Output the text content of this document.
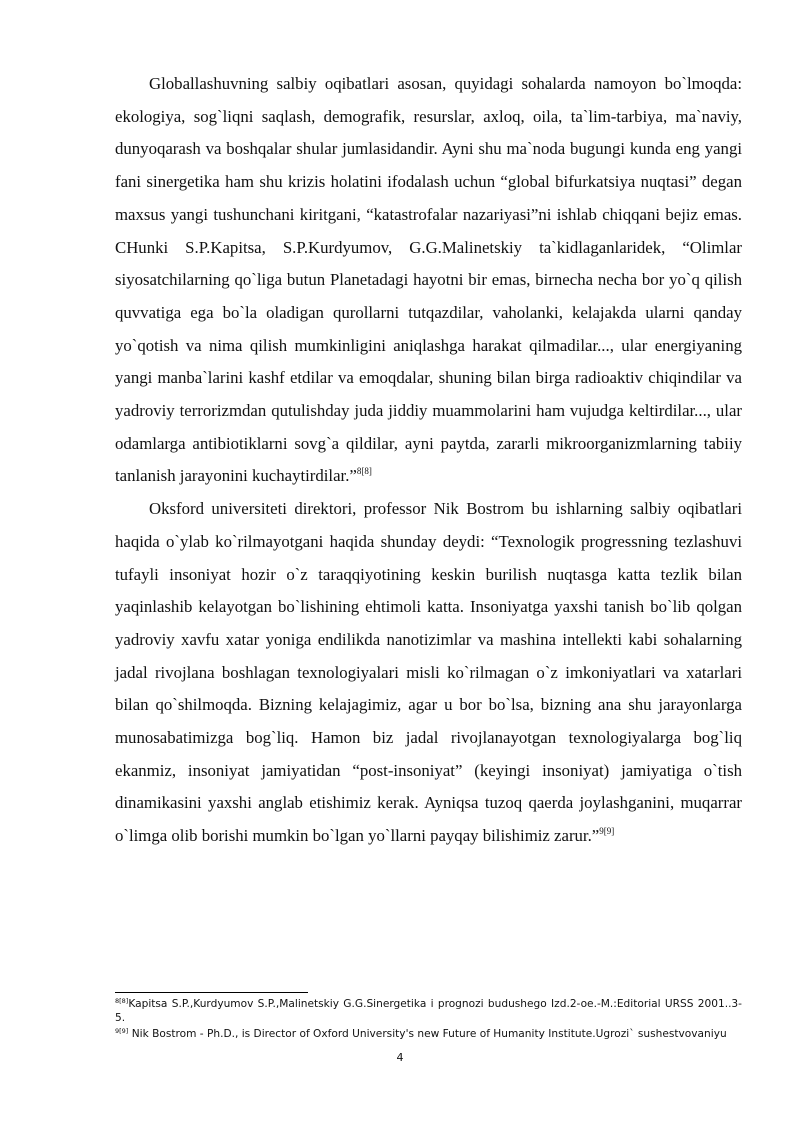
Globallashuvning salbiy oqibatlari asosan, quyidagi sohalarda namoyon bo`lmoqda: ekologiya, sog`liqni saqlash, demografik, resurslar, axloq, oila, ta`lim-tarbiya, ma`naviy, dunyoqarash va boshqalar shular jumlasidandir. Ayni shu ma`noda bugungi kunda eng yangi fani sinergetika ham shu krizis holatini ifodalash uchun “global bifurkatsiya nuqtasi” degan maxsus yangi tushunchani kiritgani, “katastrofalar nazariyasi”ni ishlab chiqqani bejiz emas. CHunki S.P.Kapitsa, S.P.Kurdyumov, G.G.Malinetskiy ta`kidlaganlaridek, “Olimlar siyosatchilarning qo`liga butun Planetadagi hayotni bir emas, birnecha necha bor yo`q qilish quvvatiga ega bo`la oladigan qurollarni tutqazdilar, vaholanki, kelajakda ularni qanday yo`qotish va nima qilish mumkinligini aniqlashga harakat qilmadilar..., ular energiyaning yangi manba`larini kashf etdilar va emoqdalar, shuning bilan birga radioaktiv chiqindilar va yadroviy terrorizmdan qutulishday juda jiddiy muammolarini ham vujudga keltirdilar..., ular odamlarga antibiotiklarni sovg`a qildilar, ayni paytda, zararli mikroorganizmlarning tabiiy tanlanish jarayonini kuchaytirdilar.”$^{8[8]}$

Oksford universiteti direktori, professor Nik Bostrom bu ishlarning salbiy oqibatlari haqida o`ylab ko`rilmayotgani haqida shunday deydi: “Texnologik progressning tezlashuvi tufayli insoniyat hozir o`z taraqqiyotining keskin burilish nuqtasga katta tezlik bilan yaqinlashib kelayotgan bo`lishining ehtimoli katta. Insoniyatga yaxshi tanish bo`lib qolgan yadroviy xavfu xatar yoniga endilikda nanotizimlar va mashina intellekti kabi sohalarning jadal rivojlana boshlagan texnologiyalari misli ko`rilmagan o`z imkoniyatlari va xatarlari bilan qo`shilmoqda. Bizning kelajagimiz, agar u bor bo`lsa, bizning ana shu jarayonlarga munosabatimizga bog`liq. Hamon biz jadal rivojlanayotgan texnologiyalarga bog`liq ekanmiz, insoniyat jamiyatidan “post-insoniyat” (keyingi insoniyat) jamiyatiga o`tish dinamikasini yaxshi anglab etishimiz kerak. Ayniqsa tuzoq qaerda joylashganini, muqarrar o`limga olib borishi mumkin bo`lgan yo`llarni payqay bilishimiz zarur.”$^{9[9]}$

$^{8[8]}$Kapitsa S.P.,Kurdyumov S.P.,Malinetskiy G.G.Sinergetika i prognozi budushego Izd.2-oe.-M.:Editorial URSS 2001..3-5.

$^{9[9]}$ Nik Bostrom - Ph.D., is Director of Oxford University's new Future of Humanity Institute.Ugrozi` sushestvovaniyu

4
